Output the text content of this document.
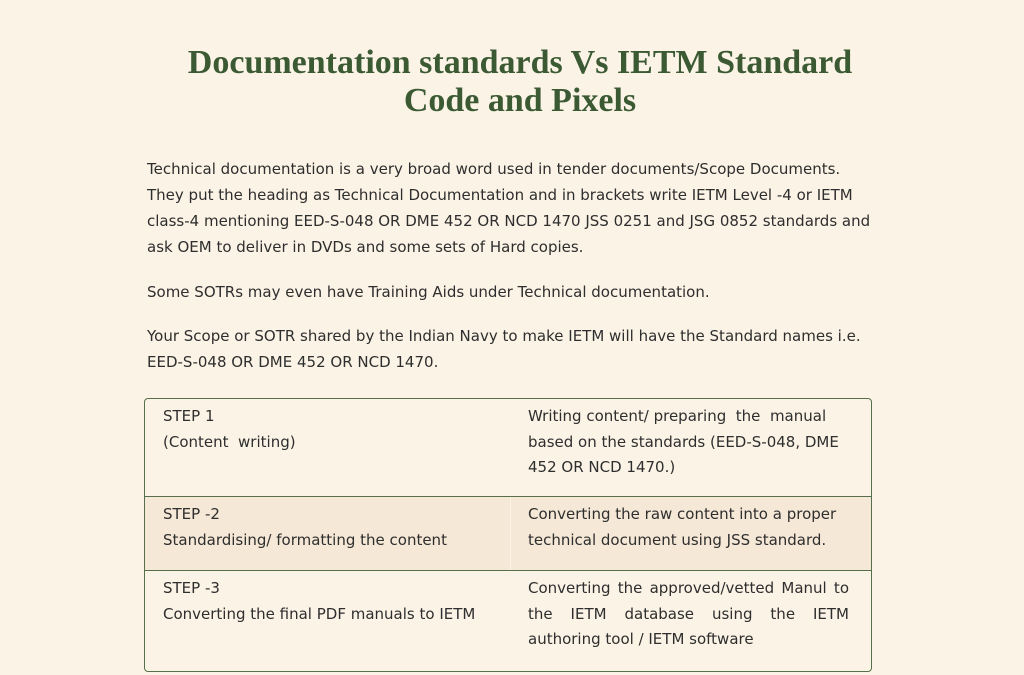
Documentation standards Vs IETM Standard
Code and Pixels

Technical documentation is a very broad word used in tender documents/Scope Documents. They put the heading as Technical Documentation and in brackets write IETM Level -4 or IETM class-4 mentioning EED-S-048 OR DME 452 OR NCD 1470 JSS 0251 and JSG 0852 standards and ask OEM to deliver in DVDs and some sets of Hard copies.

Some SOTRs may even have Training Aids under Technical documentation.

Your Scope or SOTR shared by the Indian Navy to make IETM will have the Standard names i.e. EED-S-048 OR DME 452 OR NCD 1470.

STEP 1
(Content  writing)
Writing content/ preparing  the  manual based on the standards (EED-S-048, DME 452 OR NCD 1470.)
STEP -2
Standardising/ formatting the content
Converting the raw content into a proper technical document using JSS standard.
STEP -3
Converting the final PDF manuals to IETM
Converting the approved/vetted Manul to the IETM database using the IETM authoring tool / IETM software
